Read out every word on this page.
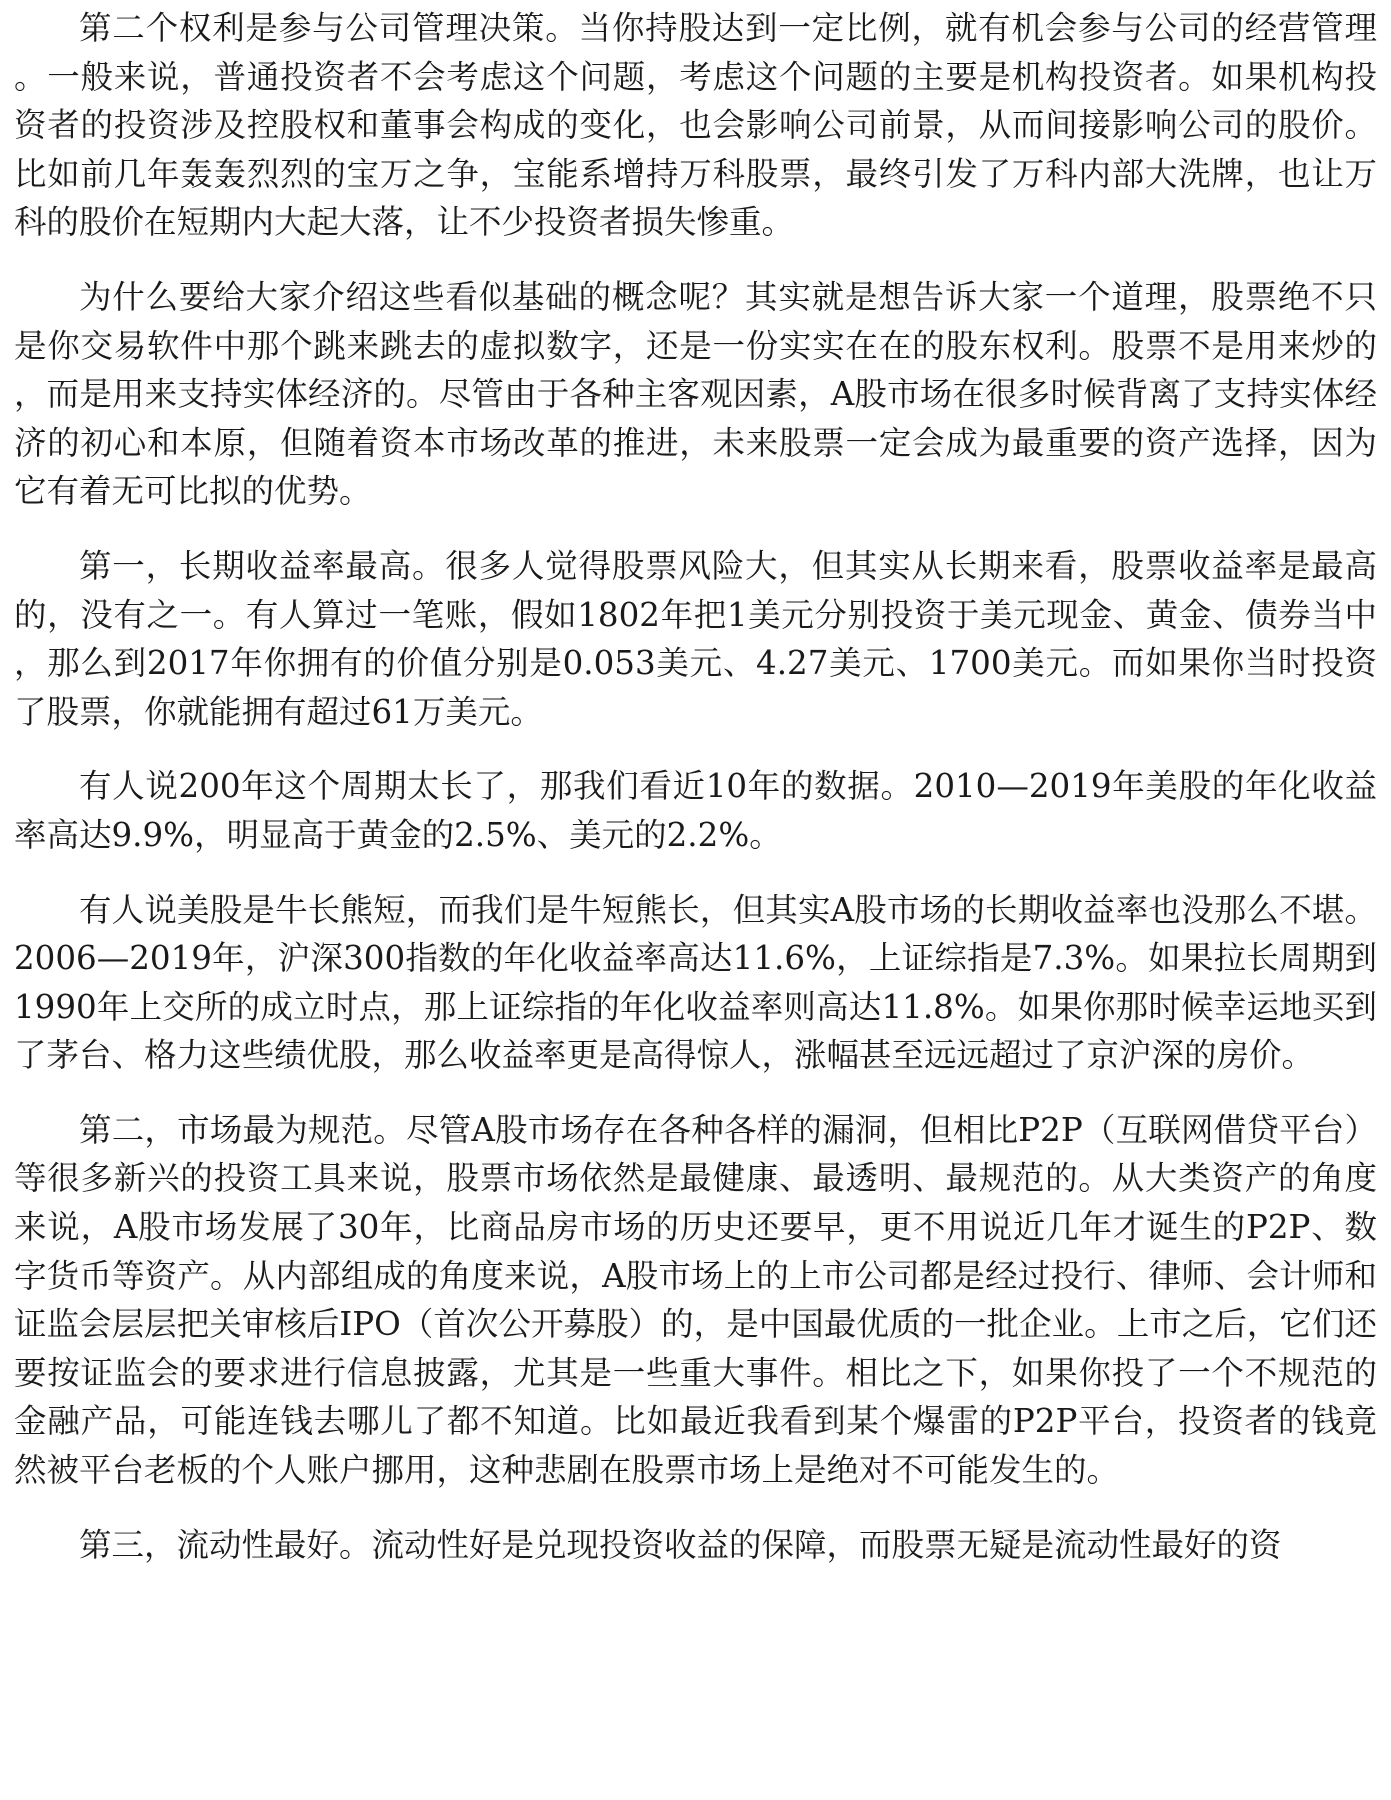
第二个权利是参与公司管理决策。当你持股达到一定比例，就有机会参与公司的经营管理。一般来说，普通投资者不会考虑这个问题，考虑这个问题的主要是机构投资者。如果机构投资者的投资涉及控股权和董事会构成的变化，也会影响公司前景，从而间接影响公司的股价。比如前几年轰轰烈烈的宝万之争，宝能系增持万科股票，最终引发了万科内部大洗牌，也让万科的股价在短期内大起大落，让不少投资者损失惨重。

为什么要给大家介绍这些看似基础的概念呢？其实就是想告诉大家一个道理，股票绝不只是你交易软件中那个跳来跳去的虚拟数字，还是一份实实在在的股东权利。股票不是用来炒的，而是用来支持实体经济的。尽管由于各种主客观因素，A股市场在很多时候背离了支持实体经济的初心和本原，但随着资本市场改革的推进，未来股票一定会成为最重要的资产选择，因为它有着无可比拟的优势。

第一，长期收益率最高。很多人觉得股票风险大，但其实从长期来看，股票收益率是最高的，没有之一。有人算过一笔账，假如1802年把1美元分别投资于美元现金、黄金、债券当中，那么到2017年你拥有的价值分别是0.053美元、4.27美元、1700美元。而如果你当时投资了股票，你就能拥有超过61万美元。

有人说200年这个周期太长了，那我们看近10年的数据。2010—2019年美股的年化收益率高达9.9%，明显高于黄金的2.5%、美元的2.2%。

有人说美股是牛长熊短，而我们是牛短熊长，但其实A股市场的长期收益率也没那么不堪。2006—2019年，沪深300指数的年化收益率高达11.6%，上证综指是7.3%。如果拉长周期到1990年上交所的成立时点，那上证综指的年化收益率则高达11.8%。如果你那时候幸运地买到了茅台、格力这些绩优股，那么收益率更是高得惊人，涨幅甚至远远超过了京沪深的房价。

第二，市场最为规范。尽管A股市场存在各种各样的漏洞，但相比P2P（互联网借贷平台）等很多新兴的投资工具来说，股票市场依然是最健康、最透明、最规范的。从大类资产的角度来说，A股市场发展了30年，比商品房市场的历史还要早，更不用说近几年才诞生的P2P、数字货币等资产。从内部组成的角度来说，A股市场上的上市公司都是经过投行、律师、会计师和证监会层层把关审核后IPO（首次公开募股）的，是中国最优质的一批企业。上市之后，它们还要按证监会的要求进行信息披露，尤其是一些重大事件。相比之下，如果你投了一个不规范的金融产品，可能连钱去哪儿了都不知道。比如最近我看到某个爆雷的P2P平台，投资者的钱竟然被平台老板的个人账户挪用，这种悲剧在股票市场上是绝对不可能发生的。

第三，流动性最好。流动性好是兑现投资收益的保障，而股票无疑是流动性最好的资
